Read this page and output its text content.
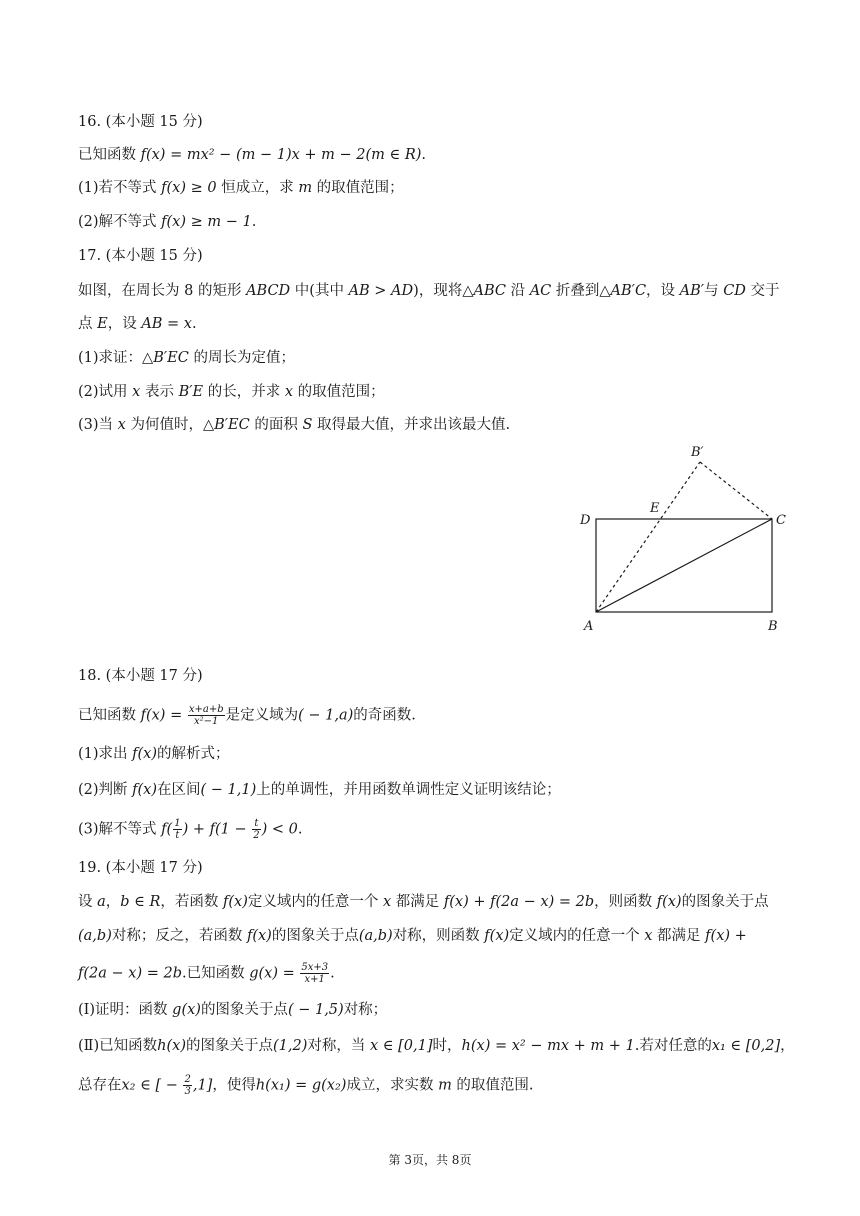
16. (本小题 15 分)
已知函数 f(x) = mx² − (m − 1)x + m − 2(m ∈ R).
(1)若不等式 f(x) ≥ 0 恒成立，求 m 的取值范围；
(2)解不等式 f(x) ≥ m − 1.
17. (本小题 15 分)
如图，在周长为 8 的矩形 ABCD 中(其中 AB > AD)，现将△ABC 沿 AC 折叠到△AB′C，设 AB′与 CD 交于
点 E，设 AB = x.
(1)求证：△B′EC 的周长为定值；
(2)试用 x 表示 B′E 的长，并求 x 的取值范围；
(3)当 x 为何值时，△B′EC 的面积 S 取得最大值，并求出该最大值.
B′
D
E
C
A	B
18. (本小题 17 分)
已知函数 $f(x) = \frac{x+a+b}{\text{x²−1}}$ 是定义域为( − 1,a)的奇函数.
(1)求出 f(x)的解析式；
(2)判断 f(x)在区间( − 1,1)上的单调性，并用函数单调性定义证明该结论；
(3)解不等式 $f( \frac{1}{t}$ ) + $f(1 - \frac{t}{2}$ ) < 0.
19. (本小题 17 分)
设 a，b ∈ R，若函数 f(x)定义域内的任意一个 x 都满足 f(x) + f(2a − x) = 2b，则函数 f(x)的图象关于点
(a,b)对称；反之，若函数 f(x)的图象关于点(a,b)对称，则函数 f(x)定义域内的任意一个 x 都满足 f(x) +
f(2a − x) = 2b.已知函数 $g(x) = \frac{5x+3}{x+1}$ .
(Ⅰ)证明：函数 g(x)的图象关于点( − 1,5)对称；
(Ⅱ)已知函数h(x)的图象关于点(1,2)对称，当 x ∈ [0,1]时，h(x) = x² − mx + m + 1.若对任意的x₁ ∈ [0,2]，
总存在x₂ ∈ [ − $\frac{2}{3} ,1$]，使得h(x₁) = g(x₂)成立，求实数 m 的取值范围.
第 3页，共 8页
